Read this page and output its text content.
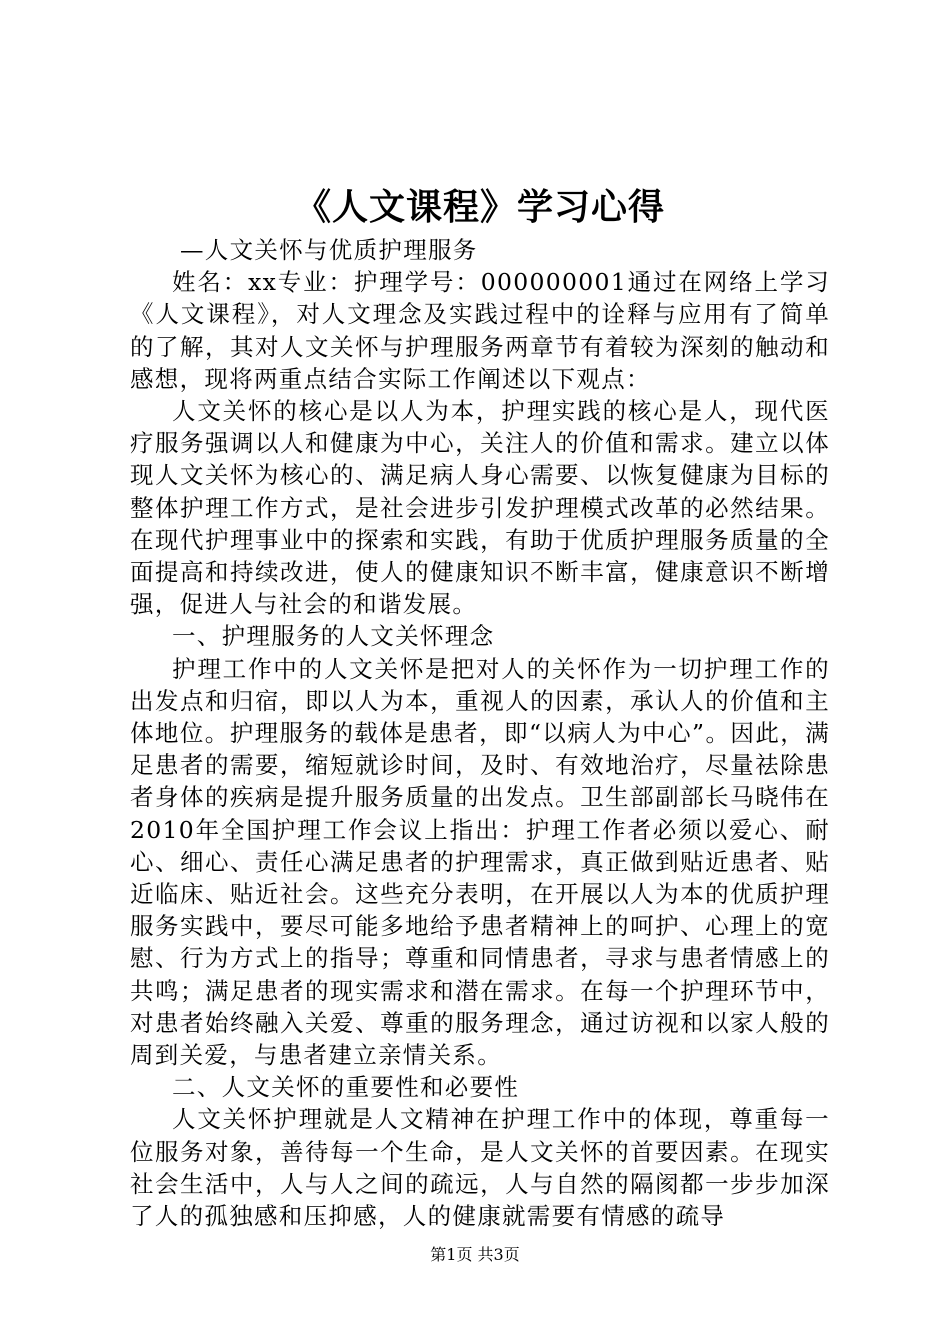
《人文课程》学习心得

—人文关怀与优质护理服务

姓名：xx专业：护理学号：000000001通过在网络上学习《人文课程》，对人文理念及实践过程中的诠释与应用有了简单的了解，其对人文关怀与护理服务两章节有着较为深刻的触动和感想，现将两重点结合实际工作阐述以下观点：

人文关怀的核心是以人为本，护理实践的核心是人，现代医疗服务强调以人和健康为中心，关注人的价值和需求。建立以体现人文关怀为核心的、满足病人身心需要、以恢复健康为目标的整体护理工作方式，是社会进步引发护理模式改革的必然结果。在现代护理事业中的探索和实践，有助于优质护理服务质量的全面提高和持续改进，使人的健康知识不断丰富，健康意识不断增强，促进人与社会的和谐发展。

一、护理服务的人文关怀理念

护理工作中的人文关怀是把对人的关怀作为一切护理工作的出发点和归宿，即以人为本，重视人的因素，承认人的价值和主体地位。护理服务的载体是患者，即“以病人为中心”。因此，满足患者的需要，缩短就诊时间，及时、有效地治疗，尽量祛除患者身体的疾病是提升服务质量的出发点。卫生部副部长马晓伟在2010年全国护理工作会议上指出：护理工作者必须以爱心、耐心、细心、责任心满足患者的护理需求，真正做到贴近患者、贴近临床、贴近社会。这些充分表明，在开展以人为本的优质护理服务实践中，要尽可能多地给予患者精神上的呵护、心理上的宽慰、行为方式上的指导；尊重和同情患者，寻求与患者情感上的共鸣；满足患者的现实需求和潜在需求。在每一个护理环节中，对患者始终融入关爱、尊重的服务理念，通过访视和以家人般的周到关爱，与患者建立亲情关系。

二、人文关怀的重要性和必要性

人文关怀护理就是人文精神在护理工作中的体现，尊重每一位服务对象，善待每一个生命，是人文关怀的首要因素。在现实社会生活中，人与人之间的疏远，人与自然的隔阂都一步步加深了人的孤独感和压抑感，人的健康就需要有情感的疏导

第1页 共3页
